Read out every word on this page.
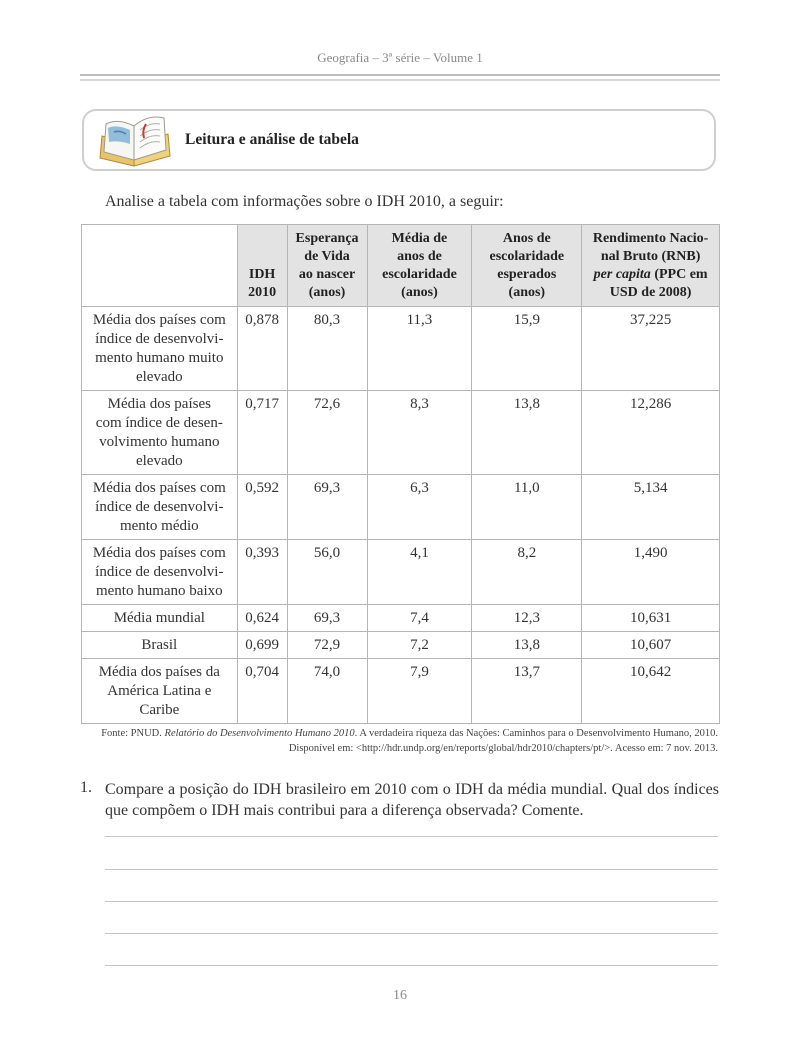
Geografia – 3ª série – Volume 1
Leitura e análise de tabela
Analise a tabela com informações sobre o IDH 2010, a seguir:
	IDH
2010	Esperança
de Vida
ao nascer
(anos)	Média de
anos de
escolaridade
(anos)	Anos de
escolaridade
esperados
(anos)	Rendimento Nacio-
nal Bruto (RNB)
per capita (PPC em
USD de 2008)
Média dos países com
índice de desenvolvi-
mento humano muito
elevado	0,878	80,3	11,3	15,9	37,225
Média dos países
com índice de desen-
volvimento humano
elevado	0,717	72,6	8,3	13,8	12,286
Média dos países com
índice de desenvolvi-
mento médio	0,592	69,3	6,3	11,0	5,134
Média dos países com
índice de desenvolvi-
mento humano baixo	0,393	56,0	4,1	8,2	1,490
Média mundial	0,624	69,3	7,4	12,3	10,631
Brasil	0,699	72,9	7,2	13,8	10,607
Média dos países da
América Latina e
Caribe	0,704	74,0	7,9	13,7	10,642
Fonte: PNUD. Relatório do Desenvolvimento Humano 2010. A verdadeira riqueza das Nações: Caminhos para o Desenvolvimento Humano, 2010.
Disponível em: <http://hdr.undp.org/en/reports/global/hdr2010/chapters/pt/>. Acesso em: 7 nov. 2013.
1. Compare a posição do IDH brasileiro em 2010 com o IDH da média mundial. Qual dos índices que compõem o IDH mais contribui para a diferença observada? Comente.
16
